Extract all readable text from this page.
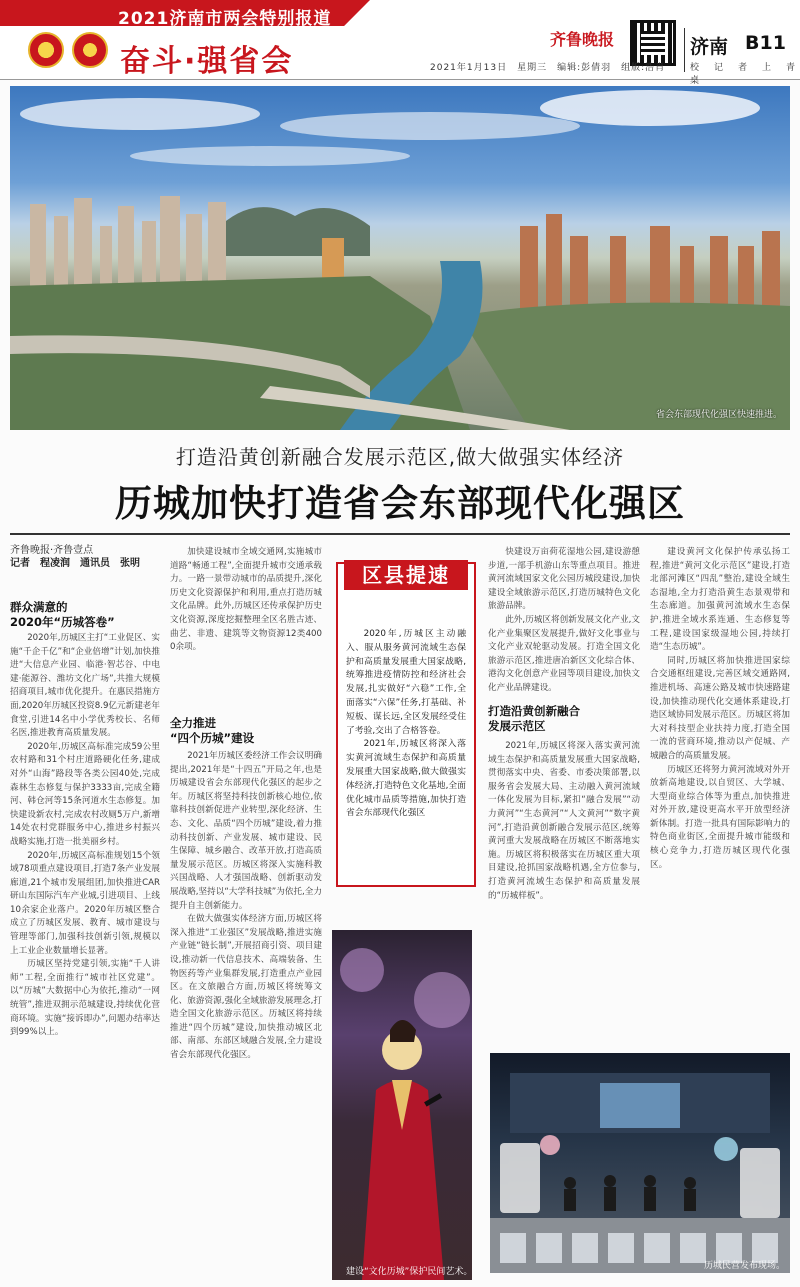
2021济南市两会特别报道
奋斗·强省会
齐鲁晚报	济南 B11
校　记　者　上　青　桌
2021年1月13日　星期三　编辑:彭倩羽　组版:浩肖
省会东部现代化强区快速推进。
打造沿黄创新融合发展示范区,做大做强实体经济
历城加快打造省会东部现代化强区
齐鲁晚报·齐鲁壹点
记者　程凌润　通讯员　张明
群众满意的
2020年“历城答卷”

2020年,历城区主打“工业促区、实施“千企千亿”和“企业倍增”计划,加快推进“大信息产业园、临港·智芯谷、中电建·能源谷、潍坊文化广场”,共推大规模招商项目,城市优化提升。在惠民措施方面,2020年历城区投资8.9亿元新建老年食堂,引进14名中小学优秀校长、名师名医,推进教育高质量发展。

2020年,历城区高标准完成59公里农村路和31个村庄道路硬化任务,建成对外“山海”路段等各类公园40处,完成森林生态修复与保护3333亩,完成全籍河、韩仓河等15条河道水生态修复。加快建设新农村,完成农村改厕5万户,新增14处农村党群服务中心,推进乡村振兴战略实施,打造一批美丽乡村。

2020年,历城区高标准规划15个领域78项重点建设项目,打造7条产业发展廊道,21个城市发展组团,加快推进CAR研山东国际汽车产业城,引进项目、上线10余家企业落户。2020年历城区整合成立了历城区发展、教育、城市建设与管理等部门,加强科技创新引领,规模以上工业企业数量增长显著。

历城区坚持党建引领,实施“千人讲师”工程,全面推行“城市社区党建”。以“历城”大数据中心为依托,推动“一网统管”,推进双拥示范城建设,持续优化营商环境。实施“接诉即办”,问题办结率达到99%以上。

加快建设城市全域交通网,实施城市道路“畅通工程”,全面提升城市交通承载力。一路一景带动城市的品质提升,深化历史文化资源保护和利用,重点打造历城文化品牌。此外,历城区还传承保护历史文化资源,深度挖掘整理全区名胜古迹、曲艺、非遗、建筑等文物资源12类4000余项。

全力推进
“四个历城”建设

2021年历城区委经济工作会议明确提出,2021年是“十四五”开局之年,也是历城建设省会东部现代化强区的起步之年。历城区将坚持科技创新核心地位,依靠科技创新促进产业转型,深化经济、生态、文化、品质“四个历城”建设,着力推动科技创新、产业发展、城市建设、民生保障、城乡融合、改革开放,打造高质量发展示范区。历城区将深入实施科教兴国战略、人才强国战略、创新驱动发展战略,坚持以“大学科技城”为依托,全力提升自主创新能力。

在做大做强实体经济方面,历城区将深入推进“工业强区”发展战略,推进实施产业链“链长制”,开展招商引资、项目建设,推动新一代信息技术、高端装备、生物医药等产业集群发展,打造重点产业园区。在文旅融合方面,历城区将统筹文化、旅游资源,强化全域旅游发展理念,打造全国文化旅游示范区。历城区将持续推进“四个历城”建设,加快推动城区北部、南部、东部区域融合发展,全力建设省会东部现代化强区。

区县提速

2020年,历城区主动融入、服从服务黄河流域生态保护和高质量发展重大国家战略,统筹推进疫情防控和经济社会发展,扎实做好“六稳”工作,全面落实“六保”任务,打基础、补短板、谋长远,全区发展经受住了考验,交出了合格答卷。

2021年,历城区将深入落实黄河流域生态保护和高质量发展重大国家战略,做大做强实体经济,打造特色文化基地,全面优化城市品质等措施,加快打造省会东部现代化强区

建设“文化历城”保护民间艺术。

快建设万亩荷花湿地公园,建设游憩步道,一部手机游山东等重点项目。推进黄河流域国家文化公园历城段建设,加快建设全域旅游示范区,打造历城特色文化旅游品牌。

此外,历城区将创新发展文化产业,文化产业集聚区发展提升,做好文化事业与文化产业双轮驱动发展。打造全国文化旅游示范区,推进唐冶新区文化综合体、港沟文化创意产业园等项目建设,加快文化产业品牌建设。

打造沿黄创新融合
发展示范区

2021年,历城区将深入落实黄河流域生态保护和高质量发展重大国家战略,贯彻落实中央、省委、市委决策部署,以服务省会发展大局、主动融入黄河流域一体化发展为目标,紧扣“融合发展”“动力黄河”“生态黄河”“人文黄河”“数字黄河”,打造沿黄创新融合发展示范区,统筹黄河重大发展战略在历城区不断落地实施。历城区将积极落实在历城区重大项目建设,抢抓国家战略机遇,全方位参与,打造黄河流域生态保护和高质量发展的“历城样板”。

建设黄河文化保护传承弘扬工程,推进“黄河文化示范区”建设,打造北部河滩区“四乱”整治,建设全域生态湿地,全力打造沿黄生态景观带和生态廊道。加强黄河流域水生态保护,推进全域水系连通、生态修复等工程,建设国家级湿地公园,持续打造“生态历城”。

同时,历城区将加快推进国家综合交通枢纽建设,完善区域交通路网,推进机场、高速公路及城市快速路建设,加快推动现代化交通体系建设,打造区域协同发展示范区。历城区将加大对科技型企业扶持力度,打造全国一流的营商环境,推动以产促城、产城融合的高质量发展。

历城区还将努力黄河流域对外开放新高地建设,以自贸区、大学城、大型商业综合体等为重点,加快推进对外开放,建设更高水平开放型经济新体制。打造一批具有国际影响力的特色商业街区,全面提升城市能级和核心竞争力,打造历城区现代化强区。

历城民营发布现场。
